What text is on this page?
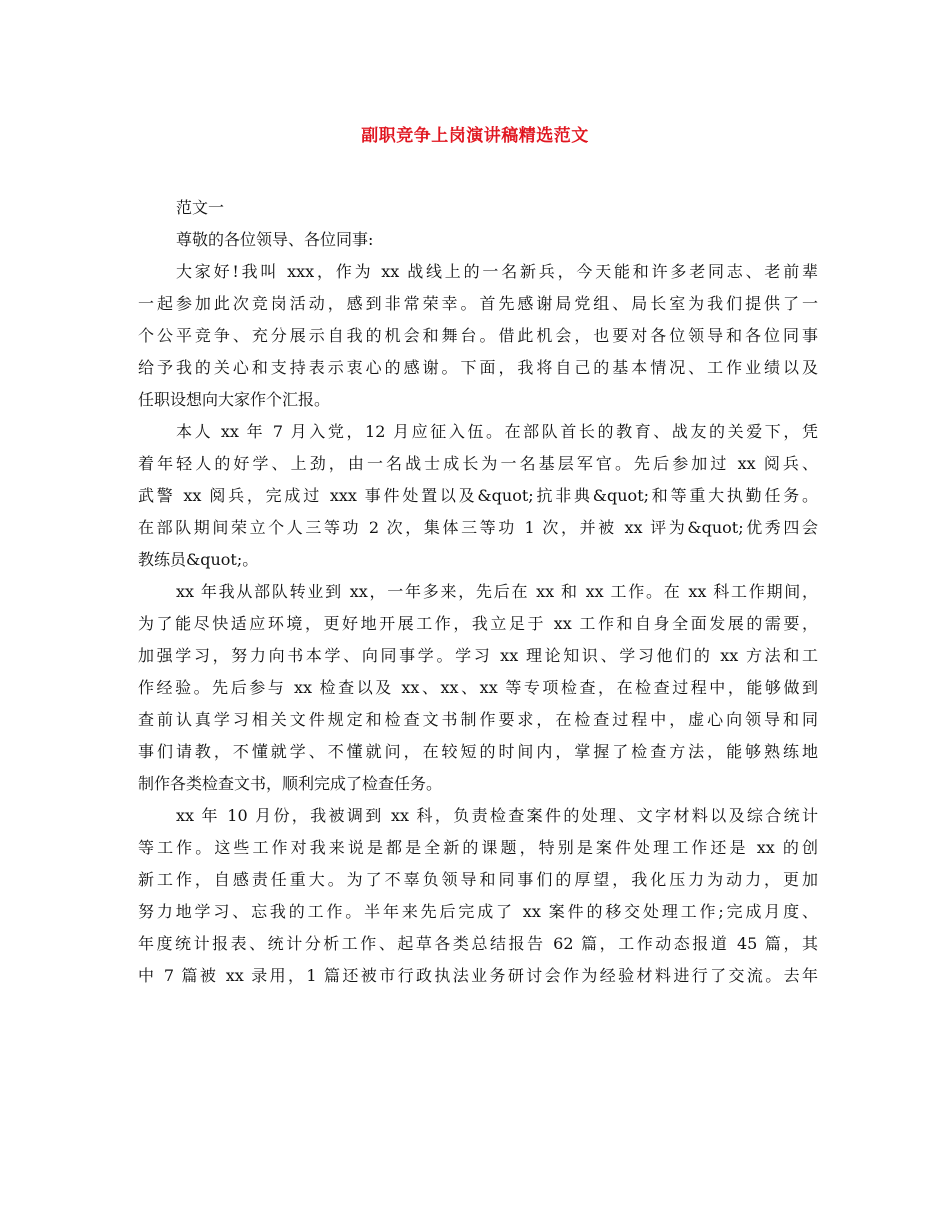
副职竞争上岗演讲稿精选范文
范文一
尊敬的各位领导、各位同事:
大家好!我叫 xxx，作为 xx 战线上的一名新兵，今天能和许多老同志、老前辈
一起参加此次竞岗活动，感到非常荣幸。首先感谢局党组、局长室为我们提供了一
个公平竞争、充分展示自我的机会和舞台。借此机会，也要对各位领导和各位同事
给予我的关心和支持表示衷心的感谢。下面，我将自己的基本情况、工作业绩以及
任职设想向大家作个汇报。
本人 xx 年 7 月入党，12 月应征入伍。在部队首长的教育、战友的关爱下，凭
着年轻人的好学、上劲，由一名战士成长为一名基层军官。先后参加过 xx 阅兵、
武警 xx 阅兵，完成过 xxx 事件处置以及&quot;抗非典&quot;和等重大执勤任务。
在部队期间荣立个人三等功 2 次，集体三等功 1 次，并被 xx 评为&quot;优秀四会
教练员&quot;。
xx 年我从部队转业到 xx，一年多来，先后在 xx 和 xx 工作。在 xx 科工作期间，
为了能尽快适应环境，更好地开展工作，我立足于 xx 工作和自身全面发展的需要，
加强学习，努力向书本学、向同事学。学习 xx 理论知识、学习他们的 xx 方法和工
作经验。先后参与 xx 检查以及 xx、xx、xx 等专项检查，在检查过程中，能够做到
查前认真学习相关文件规定和检查文书制作要求，在检查过程中，虚心向领导和同
事们请教，不懂就学、不懂就问，在较短的时间内，掌握了检查方法，能够熟练地
制作各类检查文书，顺利完成了检查任务。
xx 年 10 月份，我被调到 xx 科，负责检查案件的处理、文字材料以及综合统计
等工作。这些工作对我来说是都是全新的课题，特别是案件处理工作还是 xx 的创
新工作，自感责任重大。为了不辜负领导和同事们的厚望，我化压力为动力，更加
努力地学习、忘我的工作。半年来先后完成了 xx 案件的移交处理工作;完成月度、
年度统计报表、统计分析工作、起草各类总结报告 62 篇，工作动态报道 45 篇，其
中 7 篇被 xx 录用，1 篇还被市行政执法业务研讨会作为经验材料进行了交流。去年
